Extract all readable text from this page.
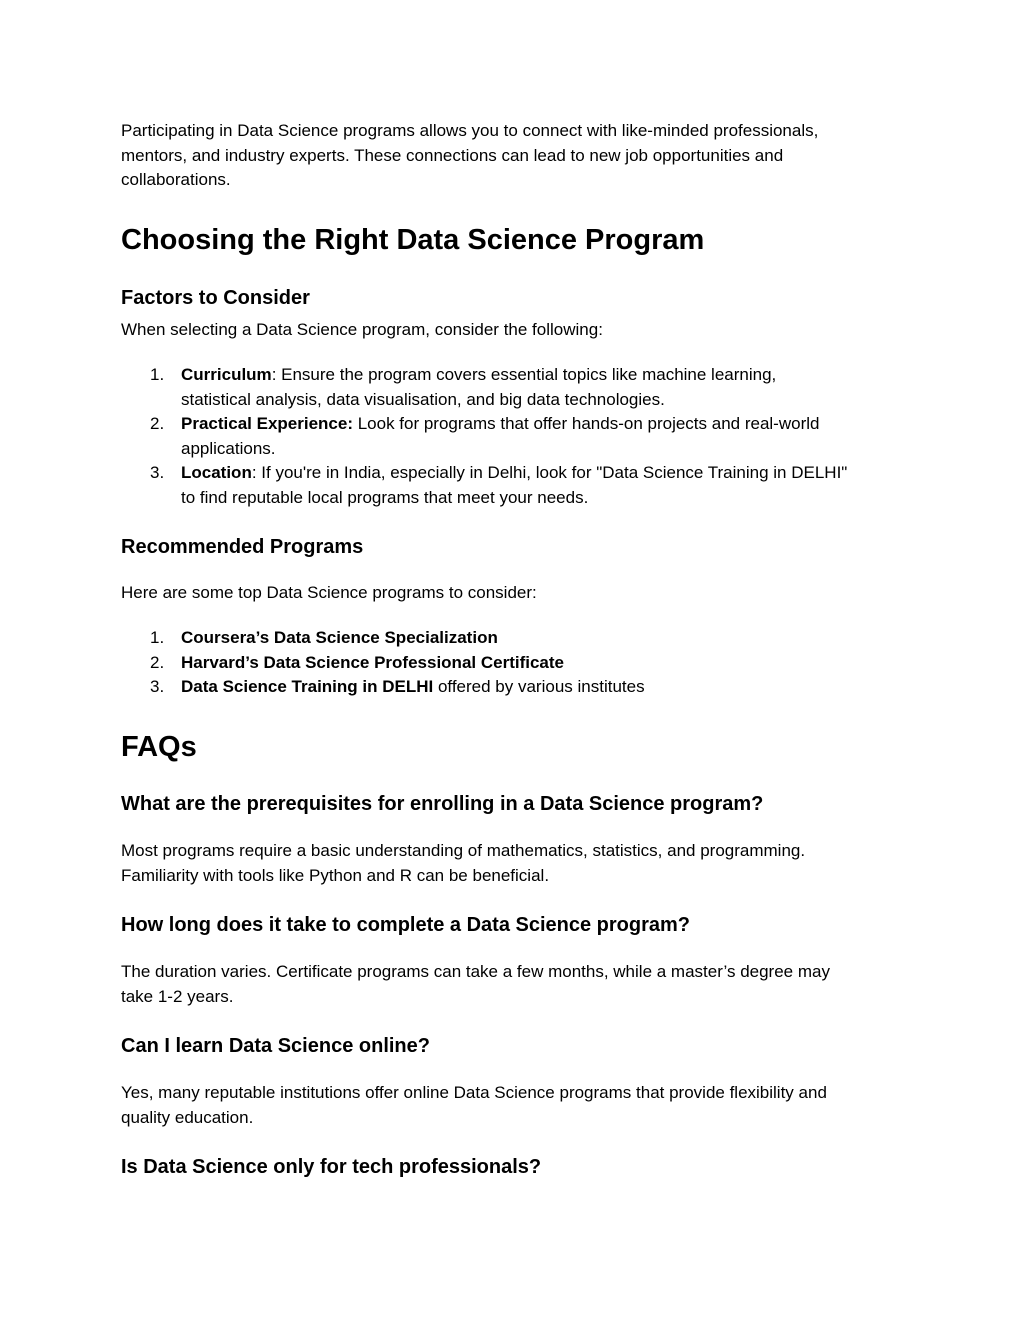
Participating in Data Science programs allows you to connect with like-minded professionals,
mentors, and industry experts. These connections can lead to new job opportunities and
collaborations.

Choosing the Right Data Science Program
Factors to Consider

When selecting a Data Science program, consider the following:

1. Curriculum: Ensure the program covers essential topics like machine learning,
statistical analysis, data visualisation, and big data technologies.
2. Practical Experience: Look for programs that offer hands-on projects and real-world
applications.
3. Location: If you're in India, especially in Delhi, look for "Data Science Training in DELHI"
to find reputable local programs that meet your needs.
Recommended Programs

Here are some top Data Science programs to consider:

1. Coursera’s Data Science Specialization
2. Harvard’s Data Science Professional Certificate
3. Data Science Training in DELHI offered by various institutes
FAQs
What are the prerequisites for enrolling in a Data Science program?

Most programs require a basic understanding of mathematics, statistics, and programming.
Familiarity with tools like Python and R can be beneficial.

How long does it take to complete a Data Science program?

The duration varies. Certificate programs can take a few months, while a master’s degree may
take 1-2 years.

Can I learn Data Science online?

Yes, many reputable institutions offer online Data Science programs that provide flexibility and
quality education.

Is Data Science only for tech professionals?
